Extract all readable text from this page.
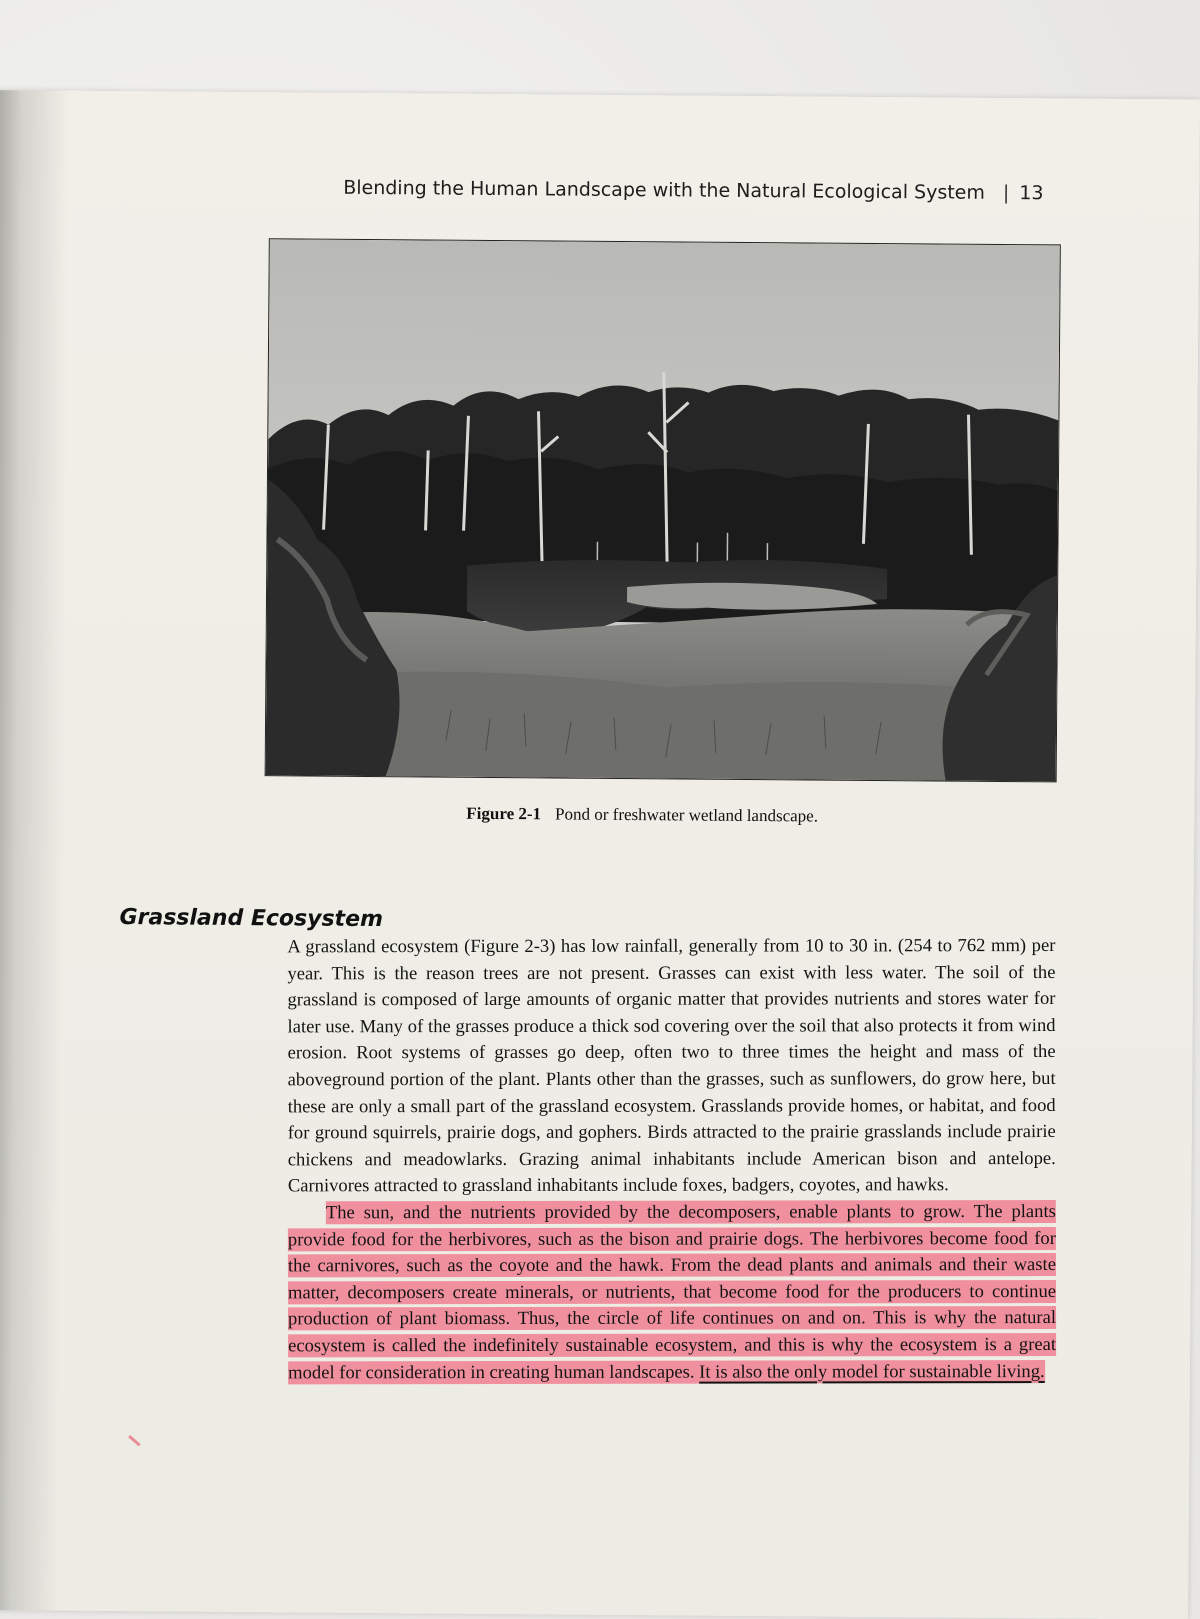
Blending the Human Landscape with the Natural Ecological System | 13
Figure 2-1 Pond or freshwater wetland landscape.
Grassland Ecosystem

A grassland ecosystem (Figure 2-3) has low rainfall, generally from 10 to 30 in. (254 to 762 mm) per year. This is the reason trees are not present. Grasses can exist with less water. The soil of the grassland is composed of large amounts of organic matter that provides nutrients and stores water for later use. Many of the grasses produce a thick sod covering over the soil that also protects it from wind erosion. Root systems of grasses go deep, often two to three times the height and mass of the aboveground portion of the plant. Plants other than the grasses, such as sunflowers, do grow here, but these are only a small part of the grassland ecosystem. Grasslands provide homes, or habitat, and food for ground squirrels, prairie dogs, and gophers. Birds attracted to the prairie grasslands include prairie chickens and meadowlarks. Grazing animal inhabitants include American bison and antelope. Carnivores attracted to grassland inhabitants include foxes, badgers, coyotes, and hawks.

The sun, and the nutrients provided by the decomposers, enable plants to grow. The plants provide food for the herbivores, such as the bison and prairie dogs. The herbivores become food for the carnivores, such as the coyote and the hawk. From the dead plants and animals and their waste matter, decomposers create minerals, or nutrients, that become food for the producers to continue production of plant biomass. Thus, the circle of life continues on and on. This is why the natural ecosystem is called the indefinitely sustainable ecosystem, and this is why the ecosystem is a great model for consideration in creating human landscapes. It is also the only model for sustainable living.
